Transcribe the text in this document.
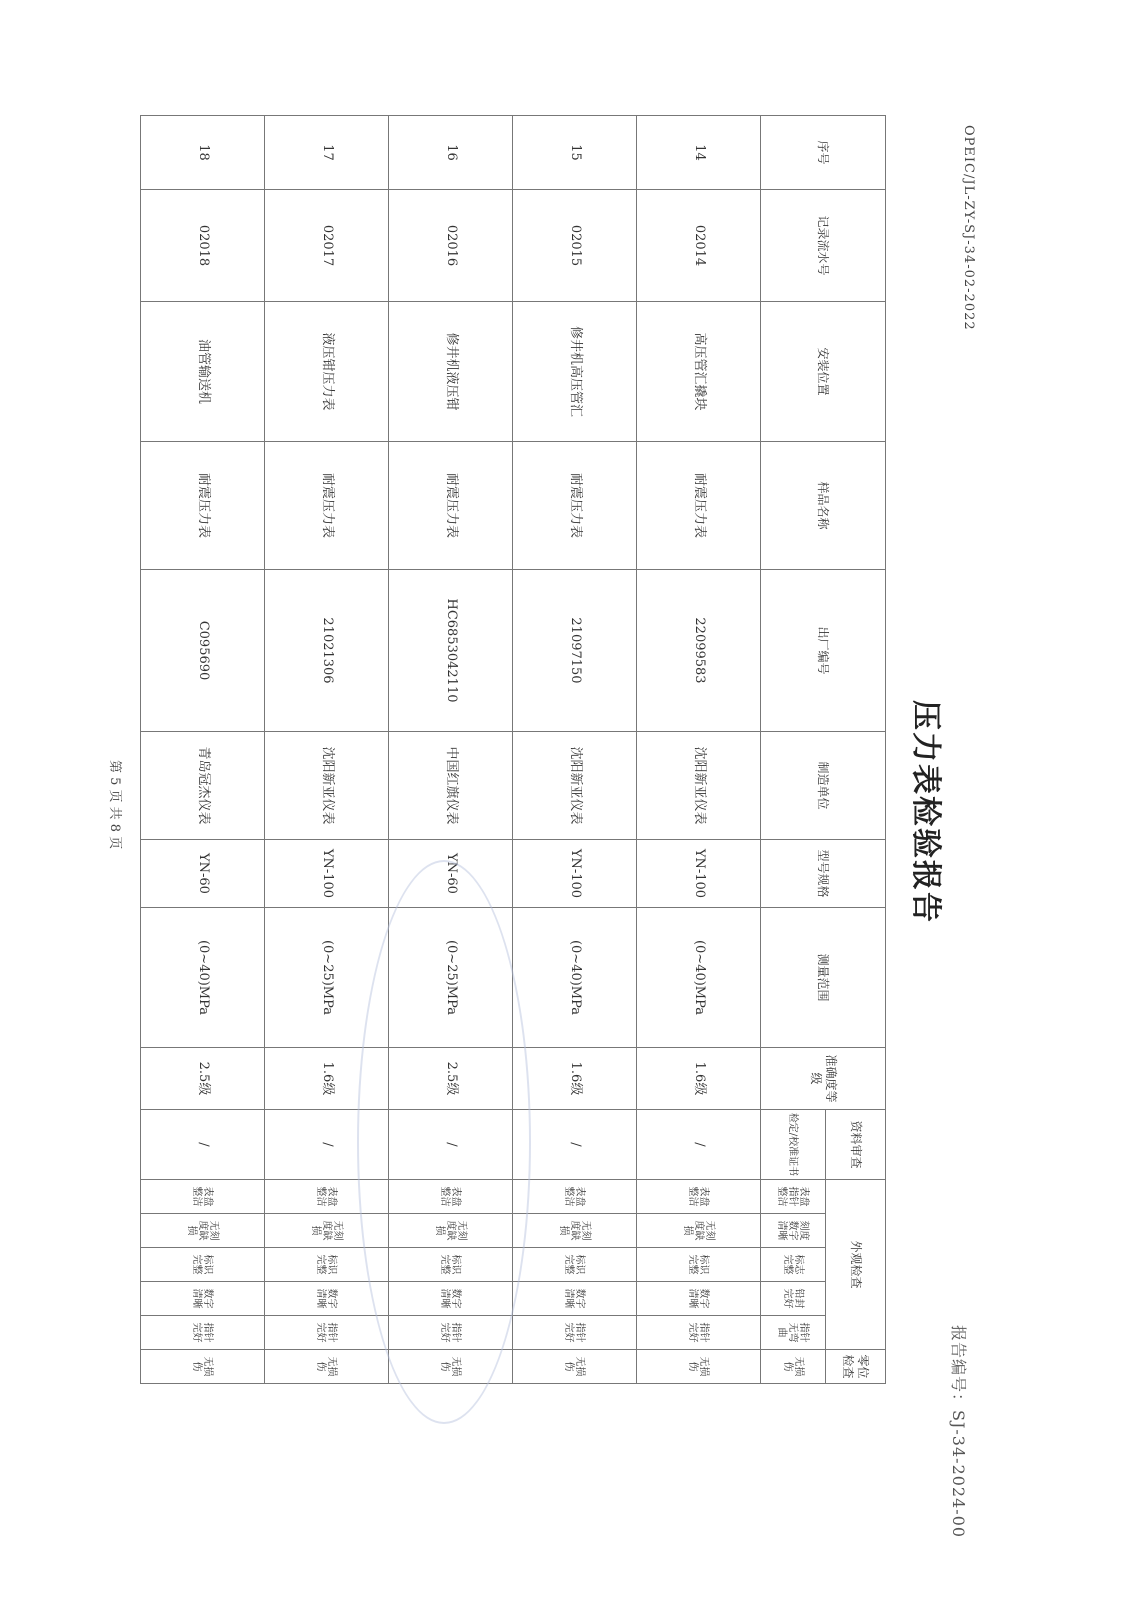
OPEIC/JL-ZY-SJ-34-02-2022
压力表检验报告
报告编号：SJ-34-2024-00
序号	记录流水号	安装位置	样品名称	出厂编号	制造单位	型号规格	测量范围	准确度等级	资料审查	外观检查					零位检查
									检定/校准证书	表盘指针整洁	刻度数字清晰	标志完整	铅封完好	指针无弯曲	无损伤
14	02014	高压管汇撬块	耐震压力表	22099583	沈阳新亚仪表	YN-100	(0~40)MPa	1.6级	/	表盘整洁	无刻度缺损	标识完整	数字清晰	指针完好	无损伤
15	02015	修井机高压管汇	耐震压力表	21097150	沈阳新亚仪表	YN-100	(0~40)MPa	1.6级	/	表盘整洁	无刻度缺损	标识完整	数字清晰	指针完好	无损伤
16	02016	修井机液压钳	耐震压力表	HC6853042110	中国红旗仪表	YN-60	(0~25)MPa	2.5级	/	表盘整洁	无刻度缺损	标识完整	数字清晰	指针完好	无损伤
17	02017	液压钳压力表	耐震压力表	21021306	沈阳新亚仪表	YN-100	(0~25)MPa	1.6级	/	表盘整洁	无刻度缺损	标识完整	数字清晰	指针完好	无损伤
18	02018	油管输送机	耐震压力表	C095690	青岛冠杰仪表	YN-60	(0~40)MPa	2.5级	/	表盘整洁	无刻度缺损	标识完整	数字清晰	指针完好	无损伤
第 5 页 共 8 页
